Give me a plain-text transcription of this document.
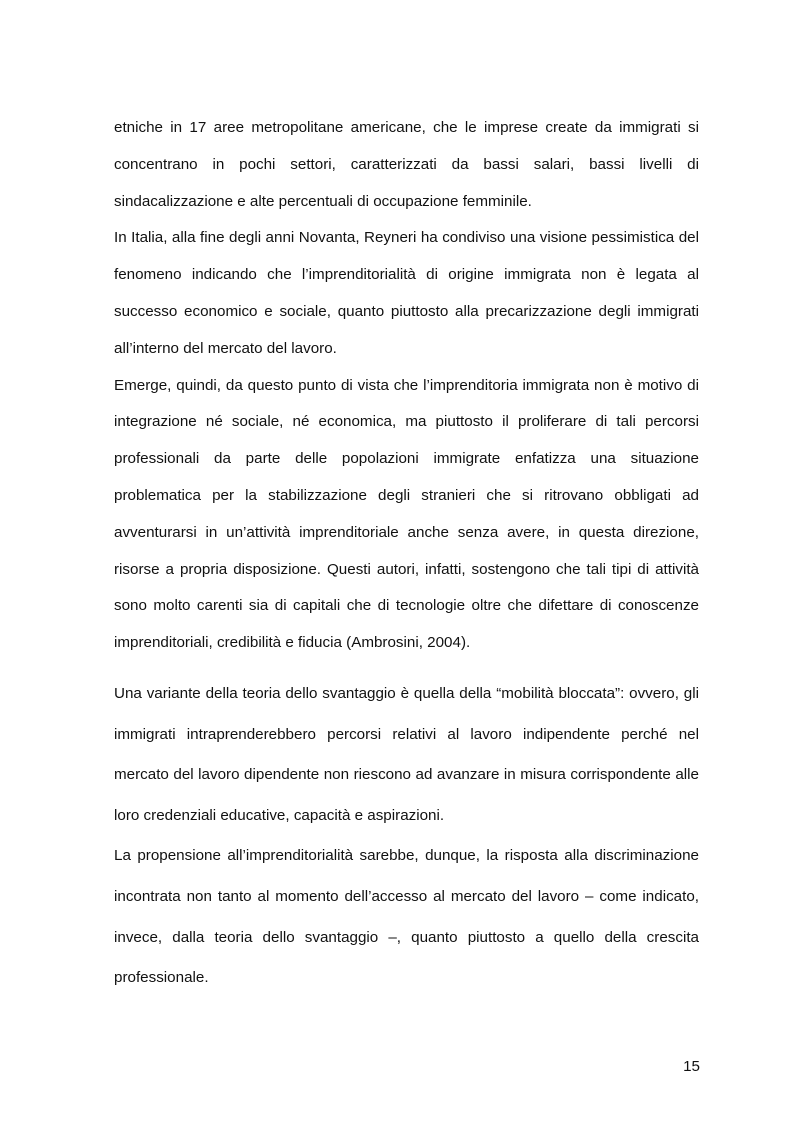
etniche in 17 aree metropolitane americane, che le imprese create da immigrati si concentrano in pochi settori, caratterizzati da bassi salari, bassi livelli di sindacalizzazione e alte percentuali di occupazione femminile.

In Italia, alla fine degli anni Novanta, Reyneri ha condiviso una visione pessimistica del fenomeno indicando che l’imprenditorialità di origine immigrata non è legata al successo economico e sociale, quanto piuttosto alla precarizzazione degli immigrati all’interno del mercato del lavoro.

Emerge, quindi, da questo punto di vista che l’imprenditoria immigrata non è motivo di integrazione né sociale, né economica, ma piuttosto il proliferare di tali percorsi professionali da parte delle popolazioni immigrate enfatizza una situazione problematica per la stabilizzazione degli stranieri che si ritrovano obbligati ad avventurarsi in un’attività imprenditoriale anche senza avere, in questa direzione, risorse a propria disposizione. Questi autori, infatti, sostengono che tali tipi di attività sono molto carenti sia di capitali che di tecnologie oltre che difettare di conoscenze imprenditoriali, credibilità e fiducia (Ambrosini, 2004).

Una variante della teoria dello svantaggio è quella della “mobilità bloccata”: ovvero, gli immigrati intraprenderebbero percorsi relativi al lavoro indipendente perché nel mercato del lavoro dipendente non riescono ad avanzare in misura corrispondente alle loro credenziali educative, capacità e aspirazioni.

La propensione all’imprenditorialità sarebbe, dunque, la risposta alla discriminazione incontrata non tanto al momento dell’accesso al mercato del lavoro – come indicato, invece, dalla teoria dello svantaggio –, quanto piuttosto a quello della crescita professionale.

15
